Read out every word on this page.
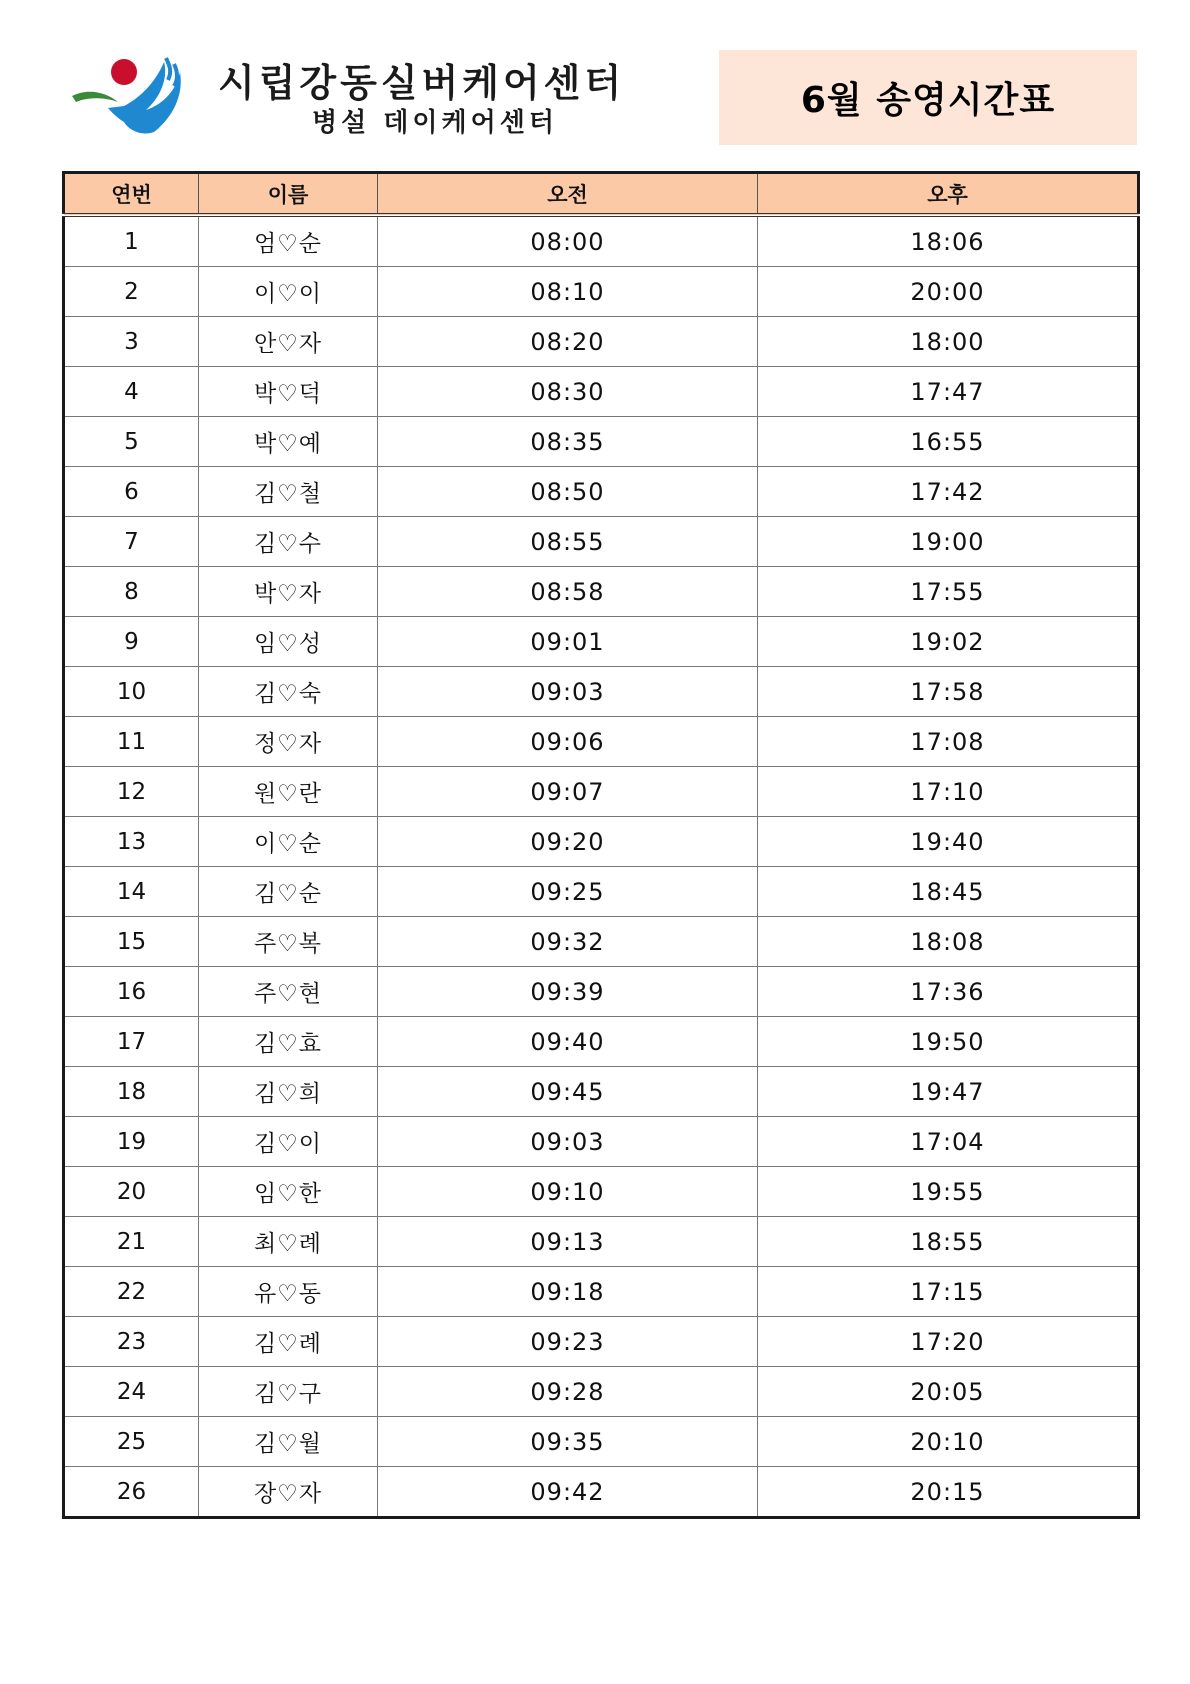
시립강동실버케어센터
병설 데이케어센터
6월 송영시간표
연번	이름	오전	오후
1	엄♡순	08:00	18:06
2	이♡이	08:10	20:00
3	안♡자	08:20	18:00
4	박♡덕	08:30	17:47
5	박♡예	08:35	16:55
6	김♡철	08:50	17:42
7	김♡수	08:55	19:00
8	박♡자	08:58	17:55
9	임♡성	09:01	19:02
10	김♡숙	09:03	17:58
11	정♡자	09:06	17:08
12	원♡란	09:07	17:10
13	이♡순	09:20	19:40
14	김♡순	09:25	18:45
15	주♡복	09:32	18:08
16	주♡현	09:39	17:36
17	김♡효	09:40	19:50
18	김♡희	09:45	19:47
19	김♡이	09:03	17:04
20	임♡한	09:10	19:55
21	최♡례	09:13	18:55
22	유♡동	09:18	17:15
23	김♡례	09:23	17:20
24	김♡구	09:28	20:05
25	김♡월	09:35	20:10
26	장♡자	09:42	20:15
